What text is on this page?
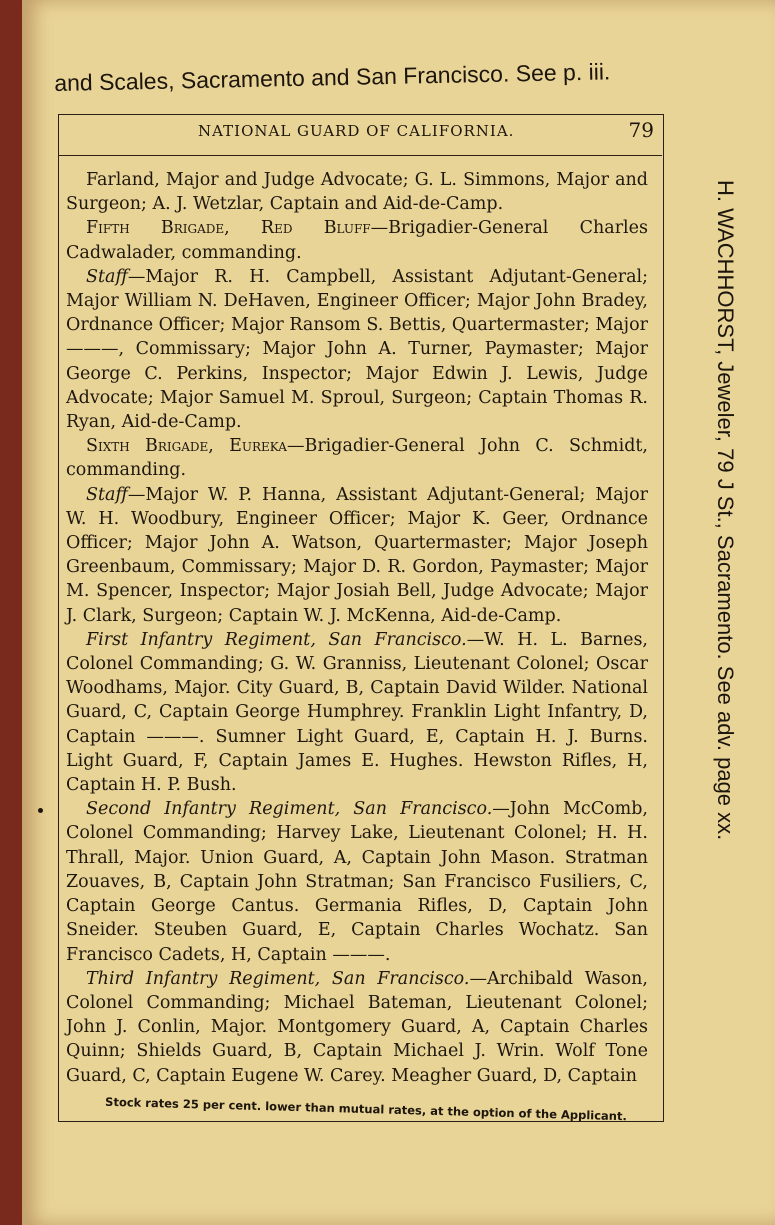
and Scales, Sacramento and San Francisco. See p. iii.
NATIONAL GUARD OF CALIFORNIA.	79

Farland, Major and Judge Advocate; G. L. Simmons, Major and Surgeon; A. J. Wetzlar, Captain and Aid-de-Camp.

Fifth Brigade, Red Bluff—Brigadier-General Charles Cadwalader, commanding.

Staff—Major R. H. Campbell, Assistant Adjutant-General; Major William N. DeHaven, Engineer Officer; Major John Bradey, Ordnance Officer; Major Ransom S. Bettis, Quartermaster; Major ———, Commissary; Major John A. Turner, Paymaster; Major George C. Perkins, Inspector; Major Edwin J. Lewis, Judge Advocate; Major Samuel M. Sproul, Surgeon; Captain Thomas R. Ryan, Aid-de-Camp.

Sixth Brigade, Eureka—Brigadier-General John C. Schmidt, commanding.

Staff—Major W. P. Hanna, Assistant Adjutant-General; Major W. H. Woodbury, Engineer Officer; Major K. Geer, Ordnance Officer; Major John A. Watson, Quartermaster; Major Joseph Greenbaum, Commissary; Major D. R. Gordon, Paymaster; Major M. Spencer, Inspector; Major Josiah Bell, Judge Advocate; Major J. Clark, Surgeon; Captain W. J. McKenna, Aid-de-Camp.

First Infantry Regiment, San Francisco.—W. H. L. Barnes, Colonel Commanding; G. W. Granniss, Lieutenant Colonel; Oscar Woodhams, Major. City Guard, B, Captain David Wilder. National Guard, C, Captain George Humphrey. Franklin Light Infantry, D, Captain ———. Sumner Light Guard, E, Captain H. J. Burns. Light Guard, F, Captain James E. Hughes. Hewston Rifles, H, Captain H. P. Bush.

Second Infantry Regiment, San Francisco.—John McComb, Colonel Commanding; Harvey Lake, Lieutenant Colonel; H. H. Thrall, Major. Union Guard, A, Captain John Mason. Stratman Zouaves, B, Captain John Stratman; San Francisco Fusiliers, C, Captain George Cantus. Germania Rifles, D, Captain John Sneider. Steuben Guard, E, Captain Charles Wochatz. San Francisco Cadets, H, Captain ———.

Third Infantry Regiment, San Francisco.—Archibald Wason, Colonel Commanding; Michael Bateman, Lieutenant Colonel; John J. Conlin, Major. Montgomery Guard, A, Captain Charles Quinn; Shields Guard, B, Captain Michael J. Wrin. Wolf Tone Guard, C, Captain Eugene W. Carey. Meagher Guard, D, Captain

H. WACHHORST, Jeweler, 79 J St., Sacramento. See adv. page xx.
Stock rates 25 per cent. lower than mutual rates, at the option of the Applicant.
